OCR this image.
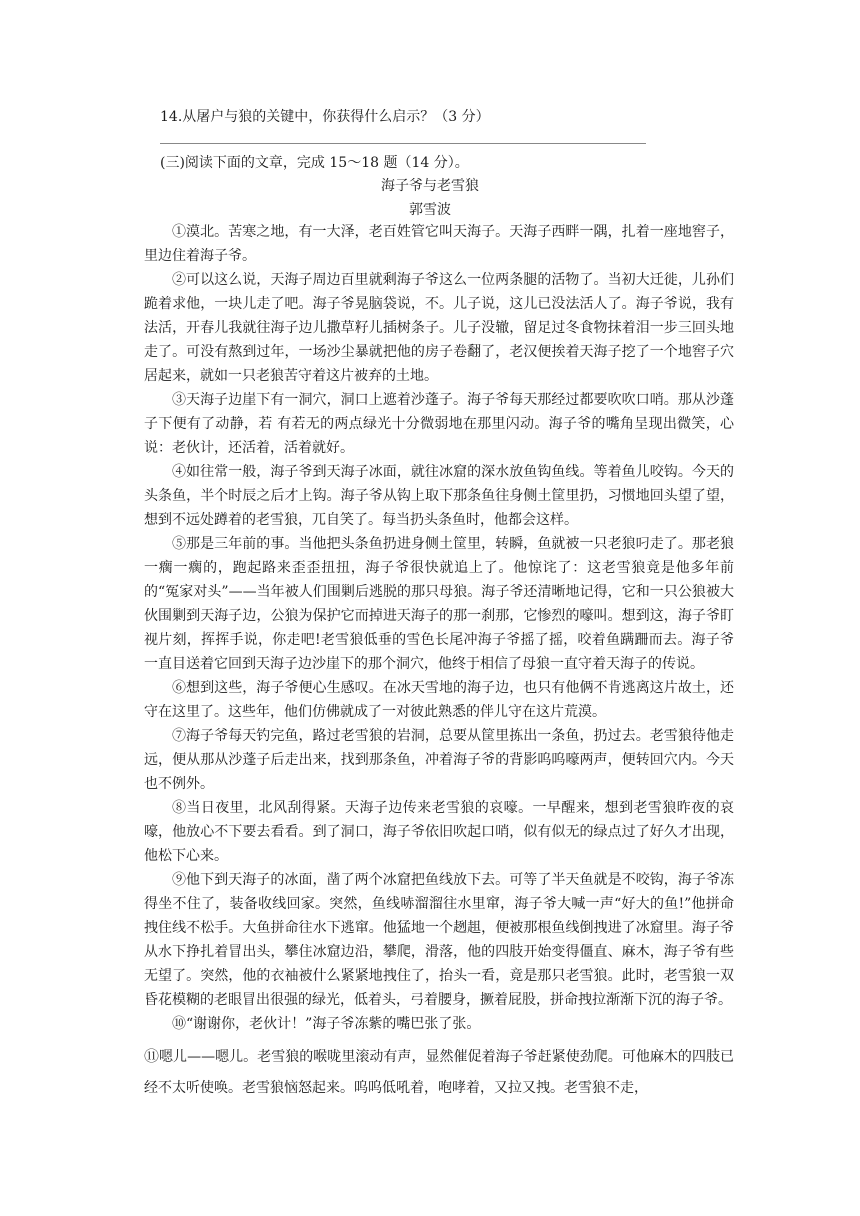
14.从屠户与狼的关键中，你获得什么启示？（3 分）
(三)阅读下面的文章，完成 15～18 题（14 分）。
海子爷与老雪狼
郭雪波

①漠北。苦寒之地，有一大泽，老百姓管它叫天海子。天海子西畔一隅，扎着一座地窖子，里边住着海子爷。

②可以这么说，天海子周边百里就剩海子爷这么一位两条腿的活物了。当初大迁徙，儿孙们跪着求他，一块儿走了吧。海子爷晃脑袋说，不。儿子说，这儿已没法活人了。海子爷说，我有法活，开春儿我就往海子边儿撒草籽儿插树条子。儿子没辙，留足过冬食物抹着泪一步三回头地走了。可没有熬到过年，一场沙尘暴就把他的房子卷翻了，老汉便挨着天海子挖了一个地窖子穴居起来，就如一只老狼苦守着这片被弃的土地。

③天海子边崖下有一洞穴，洞口上遮着沙蓬子。海子爷每天那经过都要吹吹口哨。那从沙蓬子下便有了动静，若 有若无的两点绿光十分微弱地在那里闪动。海子爷的嘴角呈现出微笑，心说：老伙计，还活着，活着就好。

④如往常一般，海子爷到天海子冰面，就往冰窟的深水放鱼钩鱼线。等着鱼儿咬钩。今天的头条鱼，半个时辰之后才上钩。海子爷从钩上取下那条鱼往身侧土筐里扔，习惯地回头望了望，想到不远处蹲着的老雪狼，兀自笑了。每当扔头条鱼时，他都会这样。

⑤那是三年前的事。当他把头条鱼扔进身侧土筐里，转瞬，鱼就被一只老狼叼走了。那老狼一瘸一瘸的，跑起路来歪歪扭扭，海子爷很快就追上了。他惊诧了：这老雪狼竟是他多年前的“冤家对头”——当年被人们围剿后逃脱的那只母狼。海子爷还清晰地记得，它和一只公狼被大伙围剿到天海子边，公狼为保护它而掉进天海子的那一刹那，它惨烈的嚎叫。想到这，海子爷盯视片刻，挥挥手说，你走吧!老雪狼低垂的雪色长尾冲海子爷摇了摇，咬着鱼蹒跚而去。海子爷一直目送着它回到天海子边沙崖下的那个洞穴，他终于相信了母狼一直守着天海子的传说。

⑥想到这些，海子爷便心生感叹。在冰天雪地的海子边，也只有他俩不肯逃离这片故土，还守在这里了。这些年，他们仿佛就成了一对彼此熟悉的伴儿守在这片荒漠。

⑦海子爷每天钓完鱼，路过老雪狼的岩洞，总要从筐里拣出一条鱼，扔过去。老雪狼待他走远，便从那从沙蓬子后走出来，找到那条鱼，冲着海子爷的背影呜呜嚎两声，便转回穴内。今天也不例外。

⑧当日夜里，北风刮得紧。天海子边传来老雪狼的哀嚎。一早醒来，想到老雪狼昨夜的哀嚎，他放心不下要去看看。到了洞口，海子爷依旧吹起口哨，似有似无的绿点过了好久才出现，他松下心来。

⑨他下到天海子的冰面，凿了两个冰窟把鱼线放下去。可等了半天鱼就是不咬钩，海子爷冻得坐不住了，装备收线回家。突然，鱼线哧溜溜往水里窜，海子爷大喊一声“好大的鱼!”他拼命拽住线不松手。大鱼拼命往水下逃窜。他猛地一个趔趄，便被那根鱼线倒拽进了冰窟里。海子爷从水下挣扎着冒出头，攀住冰窟边沿，攀爬，滑落，他的四肢开始变得僵直、麻木，海子爷有些无望了。突然，他的衣袖被什么紧紧地拽住了，抬头一看，竟是那只老雪狼。此时，老雪狼一双昏花模糊的老眼冒出很强的绿光，低着头，弓着腰身，撅着屁股，拼命拽拉渐渐下沉的海子爷。

⑩“谢谢你，老伙计！”海子爷冻紫的嘴巴张了张。

⑪嗯儿——嗯儿。老雪狼的喉咙里滚动有声，显然催促着海子爷赶紧使劲爬。可他麻木的四肢已经不太听使唤。老雪狼恼怒起来。呜呜低吼着，咆哮着，又拉又拽。老雪狼不走，
